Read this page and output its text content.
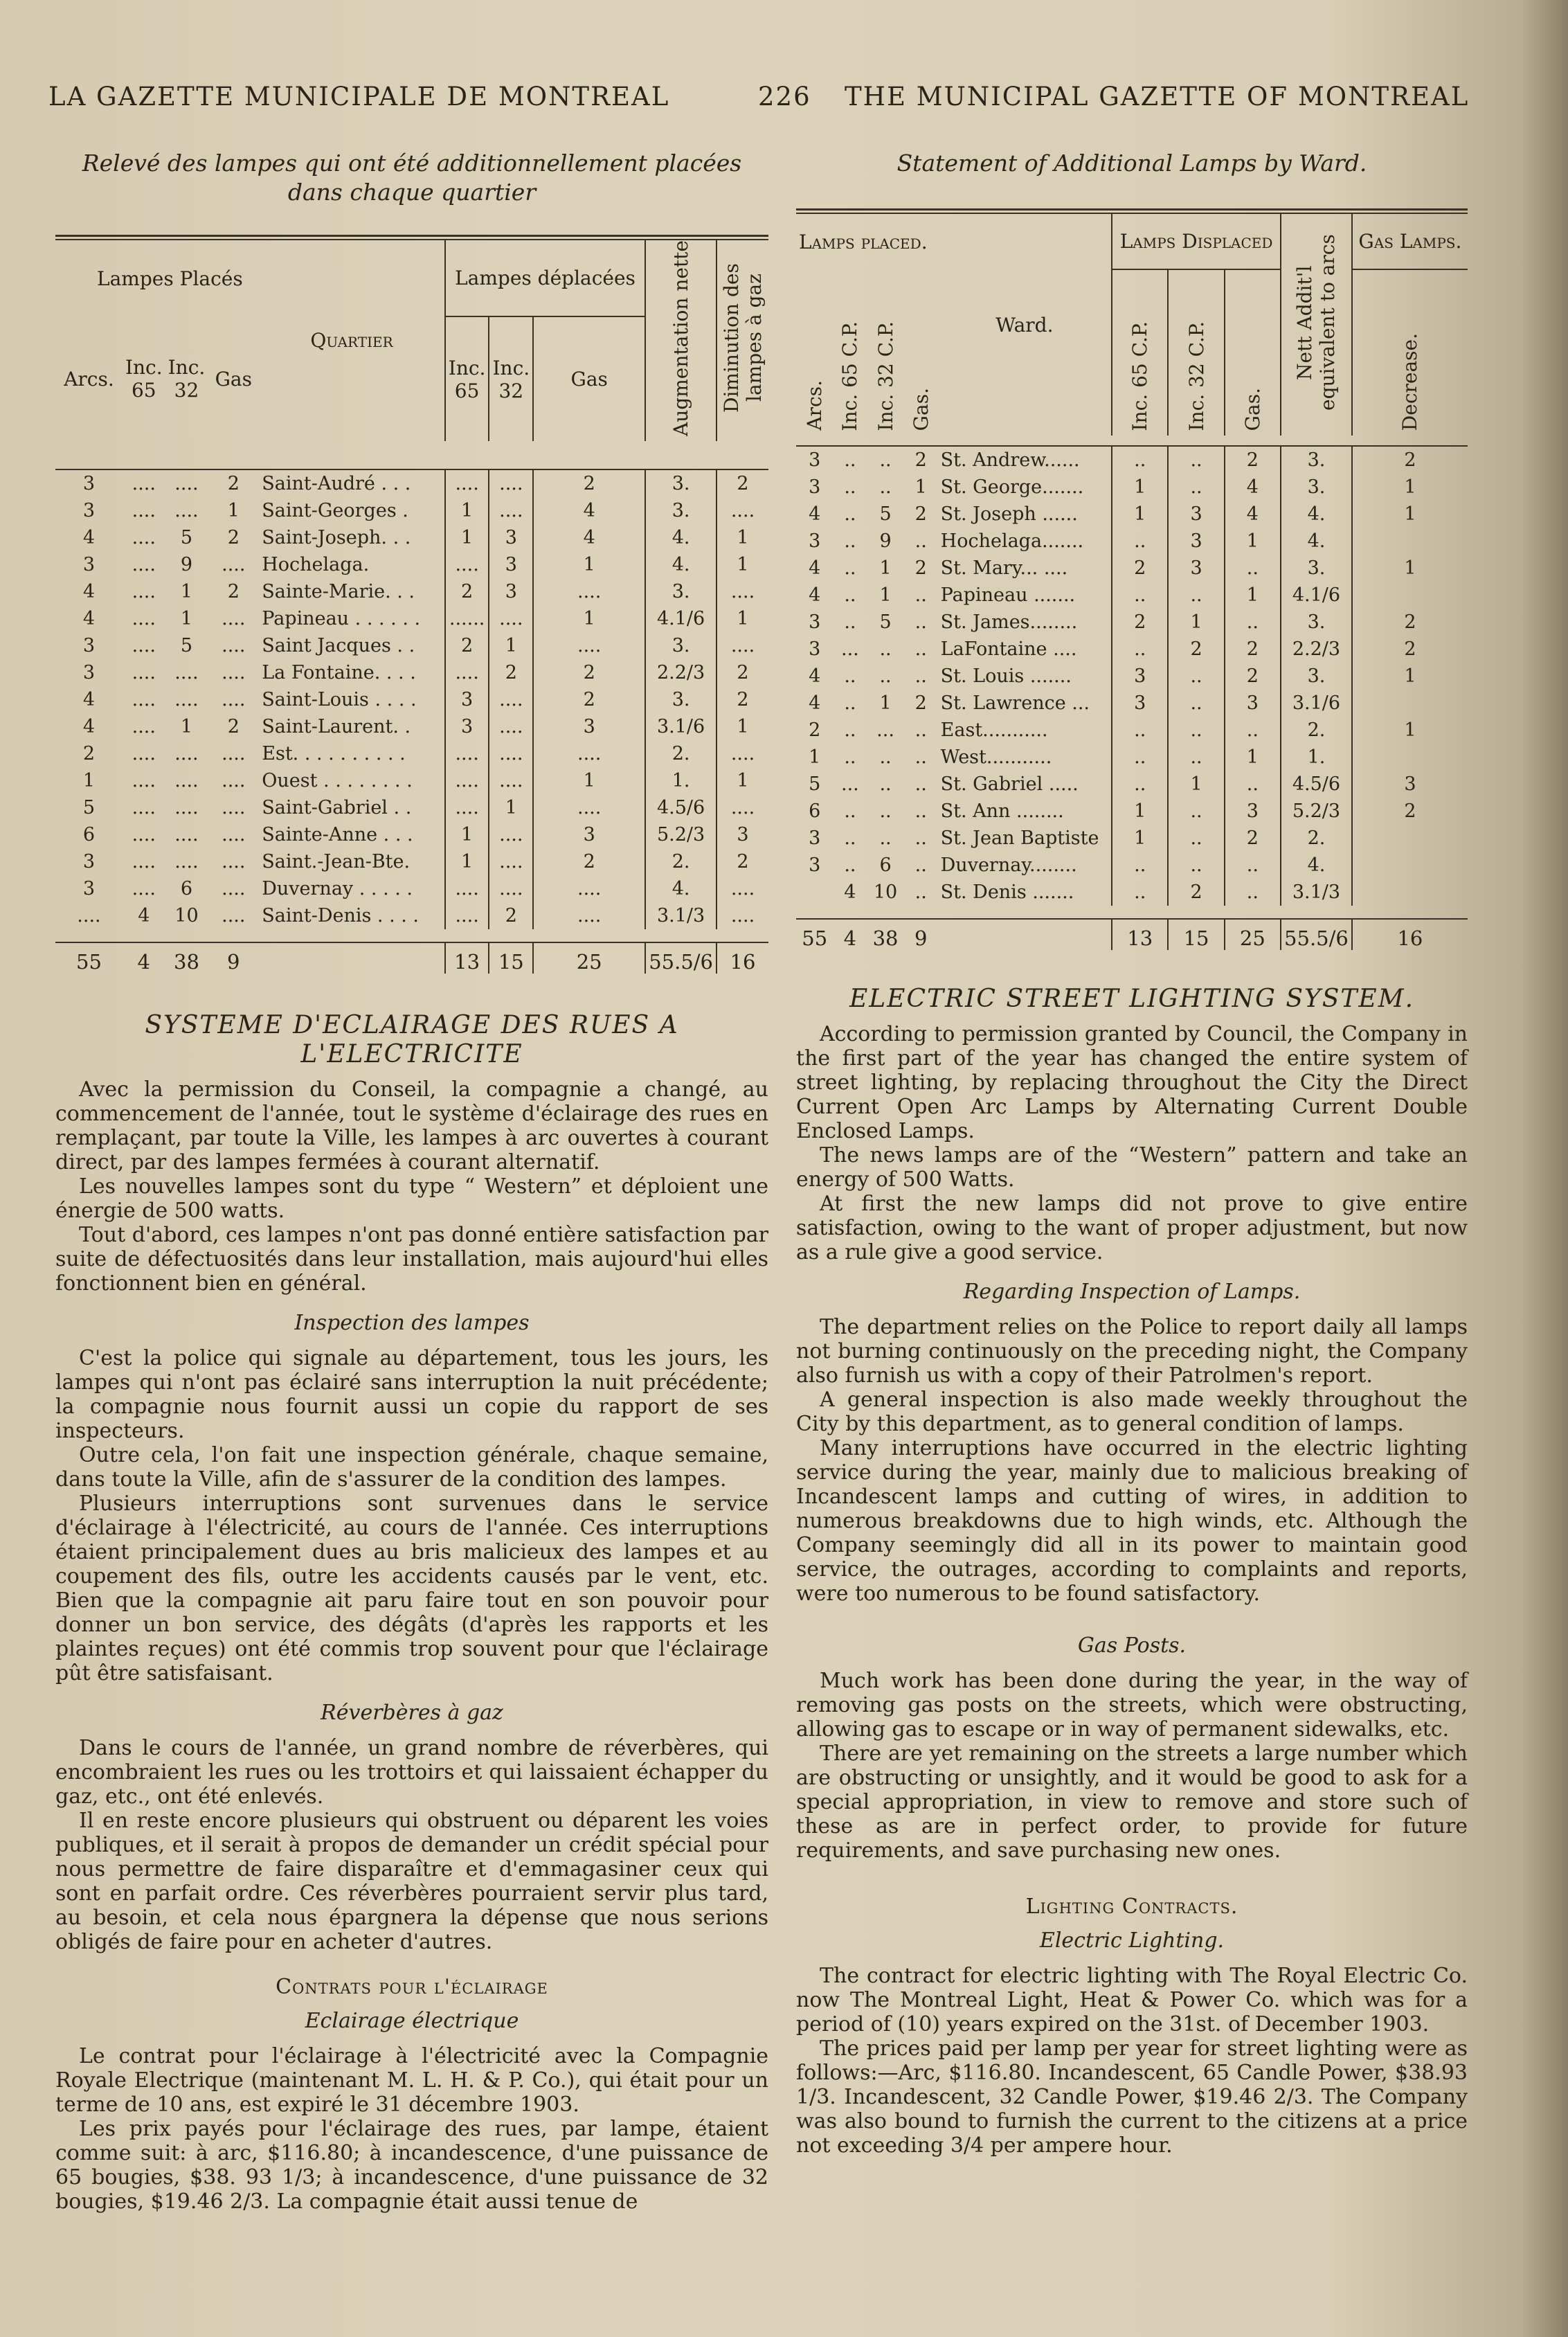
LA GAZETTE MUNICIPALE DE MONTREAL	226 THE MUNICIPAL GAZETTE OF MONTREAL
Relevé des lampes qui ont été additionnellement placées dans chaque quartier
Lampes Placés				Quartier	Lampes déplacées			Augmentation nette	Diminution des lampes à gaz
Arcs.	Inc. 65	Inc. 32	Gas		Inc. 65	Inc. 32	Gas		

3	....	....	2	Saint-Audré . . .	....	....	2	3.	2
3	....	....	1	Saint-Georges .	1	....	4	3.	....
4	....	5	2	Saint-Joseph. . .	1	3	4	4.	1
3	....	9	....	Hochelaga.	....	3	1	4.	1
4	....	1	2	Sainte-Marie. . .	2	3	....	3.	....
4	....	1	....	Papineau . . . . . .	......	....	1	4.1/6	1
3	....	5	....	Saint Jacques . .	2	1	....	3.	....
3	....	....	....	La Fontaine. . . .	....	2	2	2.2/3	2
4	....	....	....	Saint-Louis . . . .	3	....	2	3.	2
4	....	1	2	Saint-Laurent. .	3	....	3	3.1/6	1
2	....	....	....	Est. . . . . . . . . .	....	....	....	2.	....
1	....	....	....	Ouest . . . . . . . .	....	....	1	1.	1
5	....	....	....	Saint-Gabriel . .	....	1	....	4.5/6	....
6	....	....	....	Sainte-Anne . . .	1	....	3	5.2/3	3
3	....	....	....	Saint.-Jean-Bte.	1	....	2	2.	2
3	....	6	....	Duvernay . . . . .	....	....	....	4.	....
....	4	10	....	Saint-Denis . . . .	....	2	....	3.1/3	....

55	4	38	9		13	15	25	55.5/6	16
SYSTEME D'ECLAIRAGE DES RUES A L'ELECTRICITE

Avec la permission du Conseil, la compagnie a changé, au commencement de l'année, tout le système d'éclairage des rues en remplaçant, par toute la Ville, les lampes à arc ouvertes à courant direct, par des lampes fermées à courant alternatif.

Les nouvelles lampes sont du type “ Western” et déploient une énergie de 500 watts.

Tout d'abord, ces lampes n'ont pas donné entière satisfaction par suite de défectuosités dans leur installation, mais aujourd'hui elles fonctionnent bien en général.

Inspection des lampes

C'est la police qui signale au département, tous les jours, les lampes qui n'ont pas éclairé sans interruption la nuit précédente; la compagnie nous fournit aussi un copie du rapport de ses inspecteurs.

Outre cela, l'on fait une inspection générale, chaque semaine, dans toute la Ville, afin de s'assurer de la condition des lampes.

Plusieurs interruptions sont survenues dans le service d'éclairage à l'électricité, au cours de l'année. Ces interruptions étaient principalement dues au bris malicieux des lampes et au coupement des fils, outre les accidents causés par le vent, etc. Bien que la compagnie ait paru faire tout en son pouvoir pour donner un bon service, des dégâts (d'après les rapports et les plaintes reçues) ont été commis trop souvent pour que l'éclairage pût être satisfaisant.

Réverbères à gaz

Dans le cours de l'année, un grand nombre de réverbères, qui encombraient les rues ou les trottoirs et qui laissaient échapper du gaz, etc., ont été enlevés.

Il en reste encore plusieurs qui obstruent ou déparent les voies publiques, et il serait à propos de demander un crédit spécial pour nous permettre de faire disparaître et d'emmagasiner ceux qui sont en parfait ordre. Ces réverbères pourraient servir plus tard, au besoin, et cela nous épargnera la dépense que nous serions obligés de faire pour en acheter d'autres.

Contrats pour l'éclairage
Eclairage électrique

Le contrat pour l'éclairage à l'électricité avec la Compagnie Royale Electrique (maintenant M. L. H. & P. Co.), qui était pour un terme de 10 ans, est expiré le 31 décembre 1903.

Les prix payés pour l'éclairage des rues, par lampe, étaient comme suit: à arc, $116.80; à incandescence, d'une puissance de 65 bougies, $38. 93 1/3; à incandescence, d'une puissance de 32 bougies, $19.46 2/3. La compagnie était aussi tenue de

Statement of Additional Lamps by Ward.
Lamps placed.				Ward.	Lamps Displaced			Nett Addit'l equivalent to arcs	Gas Lamps.
Arcs.	Inc. 65 C.P.	Inc. 32 C.P.	Gas.		Inc. 65 C.P.	Inc. 32 C.P.	Gas.		Decrease.

3	..	..	2	St. Andrew......	..	..	2	3.	2
3	..	..	1	St. George.......	1	..	4	3.	1
4	..	5	2	St. Joseph ......	1	3	4	4.	1
3	..	9	..	Hochelaga.......	..	3	1	4.	
4	..	1	2	St. Mary... ....	2	3	..	3.	1
4	..	1	..	Papineau .......	..	..	1	4.1/6	
3	..	5	..	St. James........	2	1	..	3.	2
3	...	..	..	LaFontaine ....	..	2	2	2.2/3	2
4	..	..	..	St. Louis .......	3	..	2	3.	1
4	..	1	2	St. Lawrence ...	3	..	3	3.1/6	
2	..	...	..	East...........	..	..	..	2.	1
1	..	..	..	West...........	..	..	1	1.	
5	...	..	..	St. Gabriel .....	..	1	..	4.5/6	3
6	..	..	..	St. Ann ........	1	..	3	5.2/3	2
3	..	..	..	St. Jean Baptiste	1	..	2	2.	
3	..	6	..	Duvernay........	..	..	..	4.	
	4	10	..	St. Denis .......	..	2	..	3.1/3	

55	4	38	9		13	15	25	55.5/6	16
ELECTRIC STREET LIGHTING SYSTEM.

According to permission granted by Council, the Company in the first part of the year has changed the entire system of street lighting, by replacing throughout the City the Direct Current Open Arc Lamps by Alternating Current Double Enclosed Lamps.

The news lamps are of the “Western” pattern and take an energy of 500 Watts.

At first the new lamps did not prove to give entire satisfaction, owing to the want of proper adjustment, but now as a rule give a good service.

Regarding Inspection of Lamps.

The department relies on the Police to report daily all lamps not burning continuously on the preceding night, the Company also furnish us with a copy of their Patrolmen's report.

A general inspection is also made weekly throughout the City by this department, as to general condition of lamps.

Many interruptions have occurred in the electric lighting service during the year, mainly due to malicious breaking of Incandescent lamps and cutting of wires, in addition to numerous breakdowns due to high winds, etc. Although the Company seemingly did all in its power to maintain good service, the outrages, according to complaints and reports, were too numerous to be found satisfactory.

Gas Posts.

Much work has been done during the year, in the way of removing gas posts on the streets, which were obstructing, allowing gas to escape or in way of permanent sidewalks, etc.

There are yet remaining on the streets a large number which are obstructing or unsightly, and it would be good to ask for a special appropriation, in view to remove and store such of these as are in perfect order, to provide for future requirements, and save purchasing new ones.

Lighting Contracts.
Electric Lighting.

The contract for electric lighting with The Royal Electric Co. now The Montreal Light, Heat & Power Co. which was for a period of (10) years expired on the 31st. of December 1903.

The prices paid per lamp per year for street lighting were as follows:—Arc, $116.80. Incandescent, 65 Candle Power, $38.93 1/3. Incandescent, 32 Candle Power, $19.46 2/3. The Company was also bound to furnish the current to the citizens at a price not exceeding 3/4 per ampere hour.
